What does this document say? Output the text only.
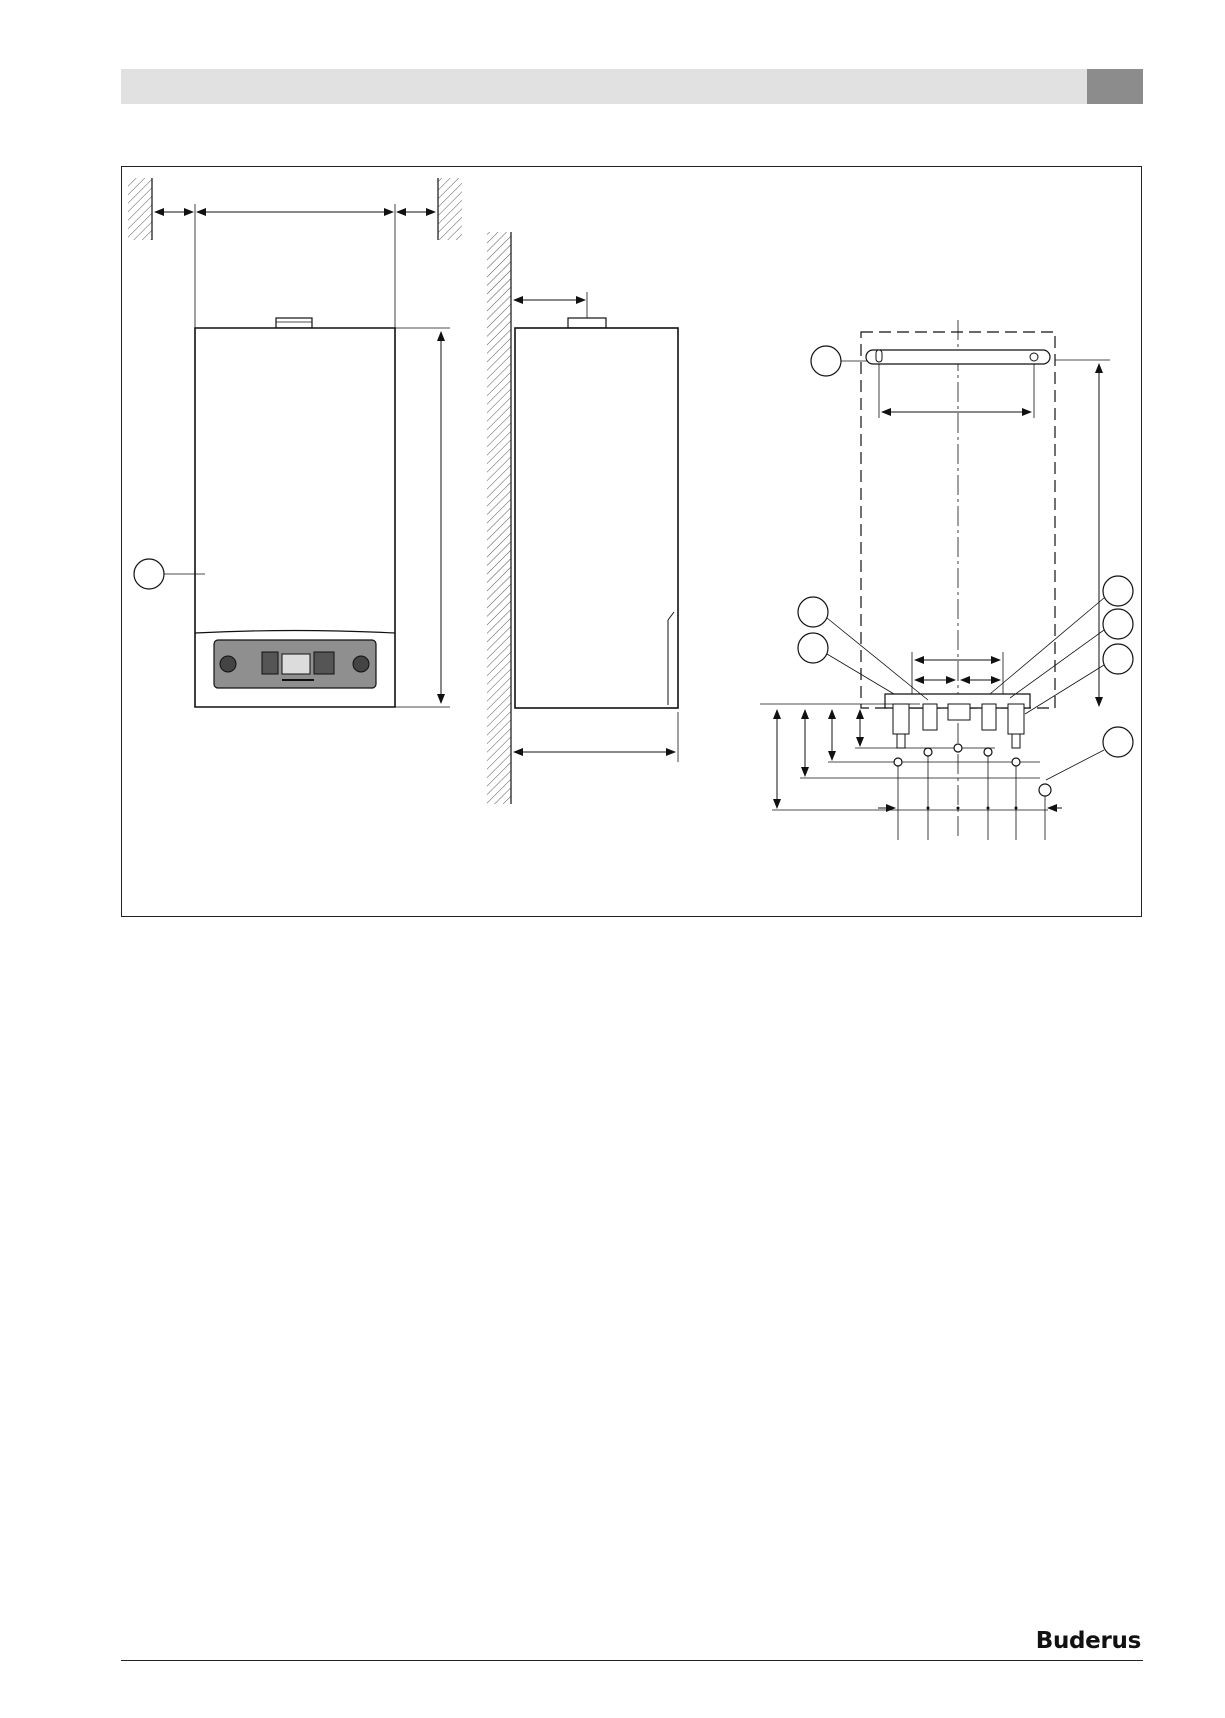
Buderus
